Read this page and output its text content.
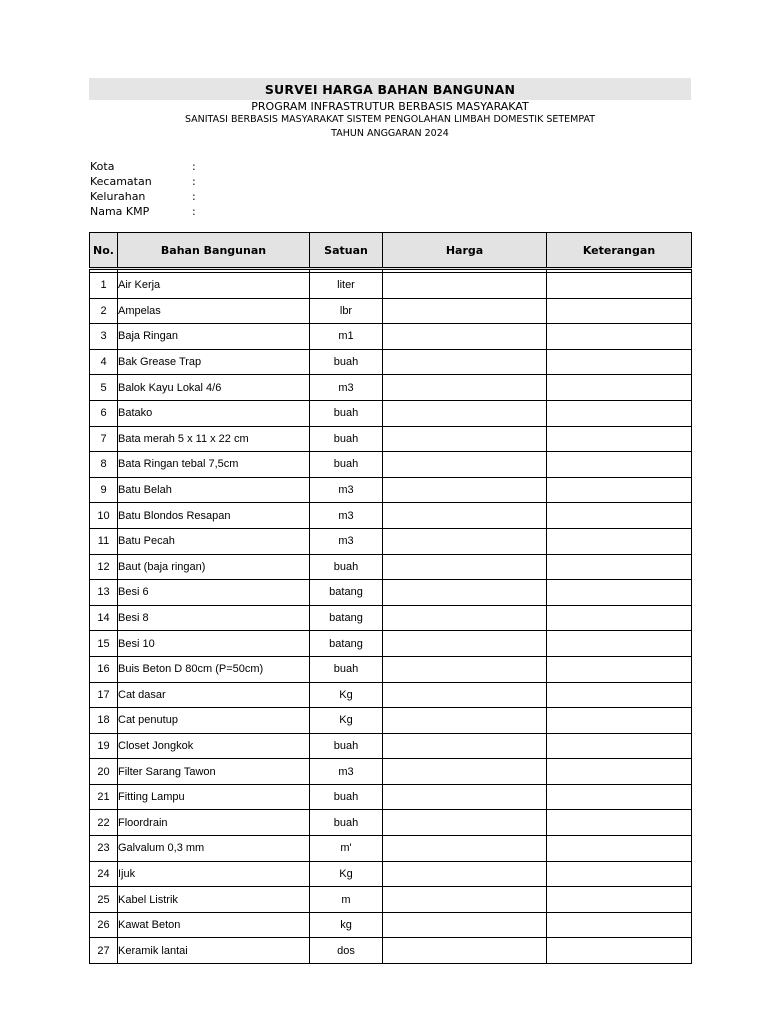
SURVEI HARGA BAHAN BANGUNAN
PROGRAM INFRASTRUTUR BERBASIS MASYARAKAT
SANITASI BERBASIS MASYARAKAT SISTEM PENGOLAHAN LIMBAH DOMESTIK SETEMPAT
TAHUN ANGGARAN 2024
Kota	:
Kecamatan	:
Kelurahan	:
Nama KMP	:
No.	Bahan Bangunan	Satuan	Harga	Keterangan

1	Air Kerja	liter		
2	Ampelas	lbr		
3	Baja Ringan	m1		
4	Bak Grease Trap	buah		
5	Balok Kayu Lokal 4/6	m3		
6	Batako	buah		
7	Bata merah 5 x 11 x 22 cm	buah		
8	Bata Ringan tebal 7,5cm	buah		
9	Batu Belah	m3		
10	Batu Blondos Resapan	m3		
11	Batu Pecah	m3		
12	Baut (baja ringan)	buah		
13	Besi 6	batang		
14	Besi 8	batang		
15	Besi 10	batang		
16	Buis Beton D 80cm (P=50cm)	buah		
17	Cat dasar	Kg		
18	Cat penutup	Kg		
19	Closet Jongkok	buah		
20	Filter Sarang Tawon	m3		
21	Fitting Lampu	buah		
22	Floordrain	buah		
23	Galvalum 0,3 mm	m'		
24	Ijuk	Kg		
25	Kabel Listrik	m		
26	Kawat Beton	kg		
27	Keramik lantai	dos		
